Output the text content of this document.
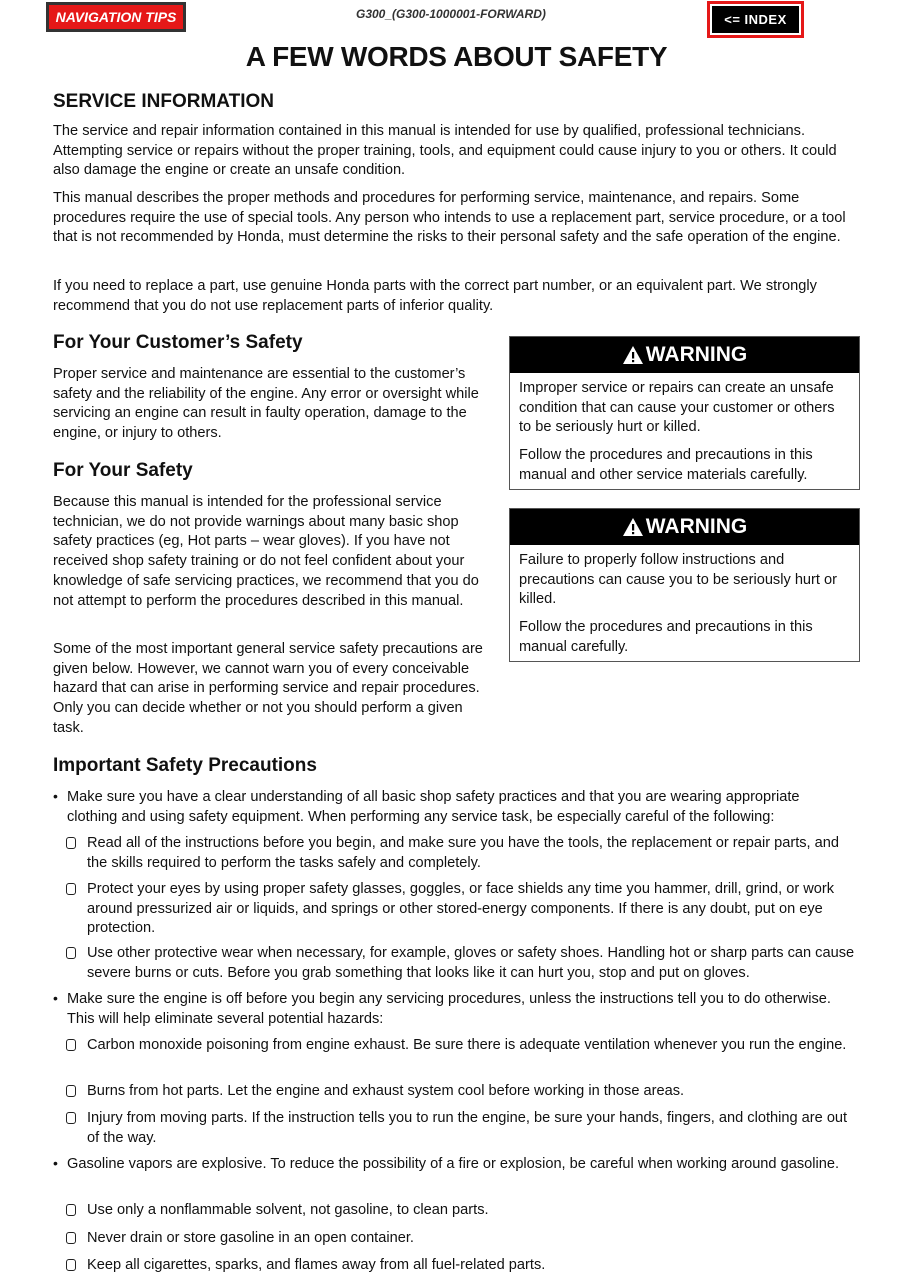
NAVIGATION TIPS	G300_(G300-1000001-FORWARD)	<= INDEX
A FEW WORDS ABOUT SAFETY
SERVICE INFORMATION

The service and repair information contained in this manual is intended for use by qualified, professional technicians. Attempting service or repairs without the proper training, tools, and equipment could cause injury to you or others. It could also damage the engine or create an unsafe condition.

This manual describes the proper methods and procedures for performing service, maintenance, and repairs. Some procedures require the use of special tools. Any person who intends to use a replacement part, service procedure, or a tool that is not recommended by Honda, must determine the risks to their personal safety and the safe operation of the engine.

If you need to replace a part, use genuine Honda parts with the correct part number, or an equivalent part. We strongly recommend that you do not use replacement parts of inferior quality.

For Your Customer’s Safety

Proper service and maintenance are essential to the customer’s safety and the reliability of the engine. Any error or oversight while servicing an engine can result in faulty operation, damage to the engine, or injury to others.

For Your Safety

Because this manual is intended for the professional service technician, we do not provide warnings about many basic shop safety practices (eg, Hot parts – wear gloves). If you have not received shop safety training or do not feel confident about your knowledge of safe servicing practices, we recommend that you do not attempt to perform the procedures described in this manual.

Some of the most important general service safety precautions are given below. However, we cannot warn you of every conceivable hazard that can arise in performing service and repair procedures. Only you can decide whether or not you should perform a given task.

WARNING

Improper service or repairs can create an unsafe condition that can cause your customer or others to be seriously hurt or killed.

Follow the procedures and precautions in this manual and other service materials carefully.

WARNING

Failure to properly follow instructions and precautions can cause you to be seriously hurt or killed.

Follow the procedures and precautions in this manual carefully.

Important Safety Precautions
• Make sure you have a clear understanding of all basic shop safety practices and that you are wearing appropriate clothing and using safety equipment. When performing any service task, be especially careful of the following:

Read all of the instructions before you begin, and make sure you have the tools, the replacement or repair parts, and the skills required to perform the tasks safely and completely.

Protect your eyes by using proper safety glasses, goggles, or face shields any time you hammer, drill, grind, or work around pressurized air or liquids, and springs or other stored-energy components. If there is any doubt, put on eye protection.

Use other protective wear when necessary, for example, gloves or safety shoes. Handling hot or sharp parts can cause severe burns or cuts. Before you grab something that looks like it can hurt you, stop and put on gloves.

• Make sure the engine is off before you begin any servicing procedures, unless the instructions tell you to do otherwise. This will help eliminate several potential hazards:

Carbon monoxide poisoning from engine exhaust. Be sure there is adequate ventilation whenever you run the engine.

Burns from hot parts. Let the engine and exhaust system cool before working in those areas.

Injury from moving parts. If the instruction tells you to run the engine, be sure your hands, fingers, and clothing are out of the way.

• Gasoline vapors are explosive. To reduce the possibility of a fire or explosion, be careful when working around gasoline.

Use only a nonflammable solvent, not gasoline, to clean parts.

Never drain or store gasoline in an open container.

Keep all cigarettes, sparks, and flames away from all fuel-related parts.
